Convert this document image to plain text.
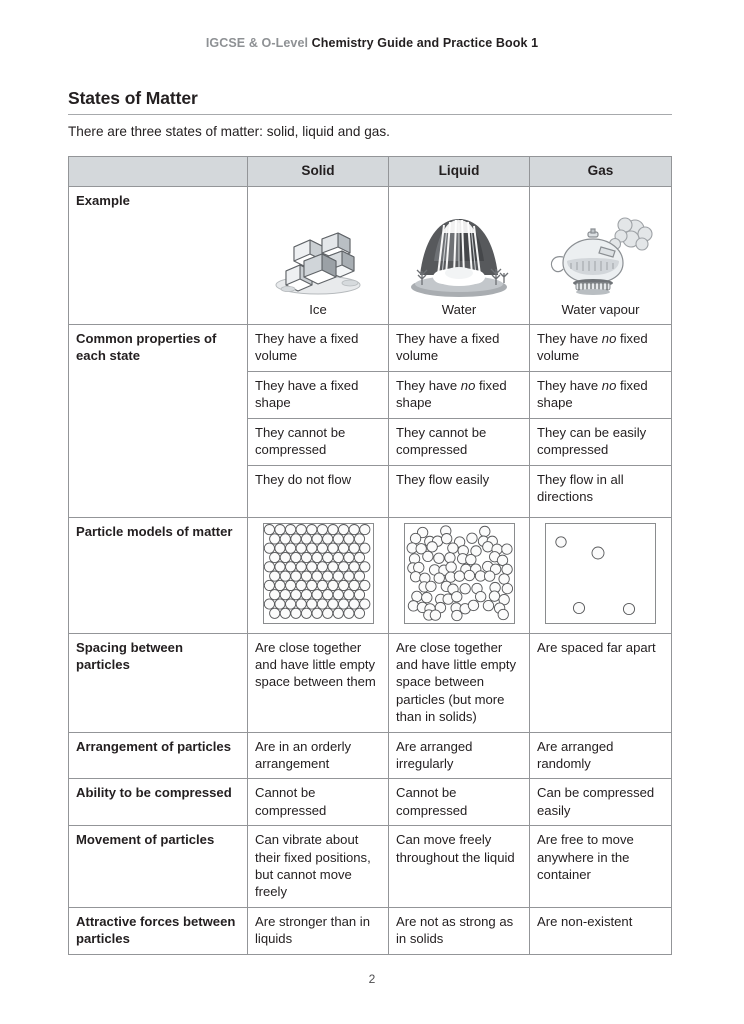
IGCSE & O-Level Chemistry Guide and Practice Book 1
States of Matter
There are three states of matter: solid, liquid and gas.
	Solid	Liquid	Gas
Example	Ice	Water	Water vapour

Common properties of each state	They have a fixed volume	They have a fixed volume	They have no fixed volume
	They have a fixed shape	They have no fixed shape	They have no fixed shape
	They cannot be compressed	They cannot be compressed	They can be easily compressed
	They do not flow	They flow easily	They flow in all directions
Particle models of matter	

Spacing between particles	Are close together and have little empty space between them	Are close together and have little empty space between particles (but more than in solids)	Are spaced far apart
Arrangement of particles	Are in an orderly arrangement	Are arranged irregularly	Are arranged randomly
Ability to be compressed	Cannot be compressed	Cannot be compressed	Can be compressed easily
Movement of particles	Can vibrate about their fixed positions, but cannot move freely	Can move freely throughout the liquid	Are free to move anywhere in the container
Attractive forces between particles	Are stronger than in liquids	Are not as strong as in solids	Are non-existent
2
